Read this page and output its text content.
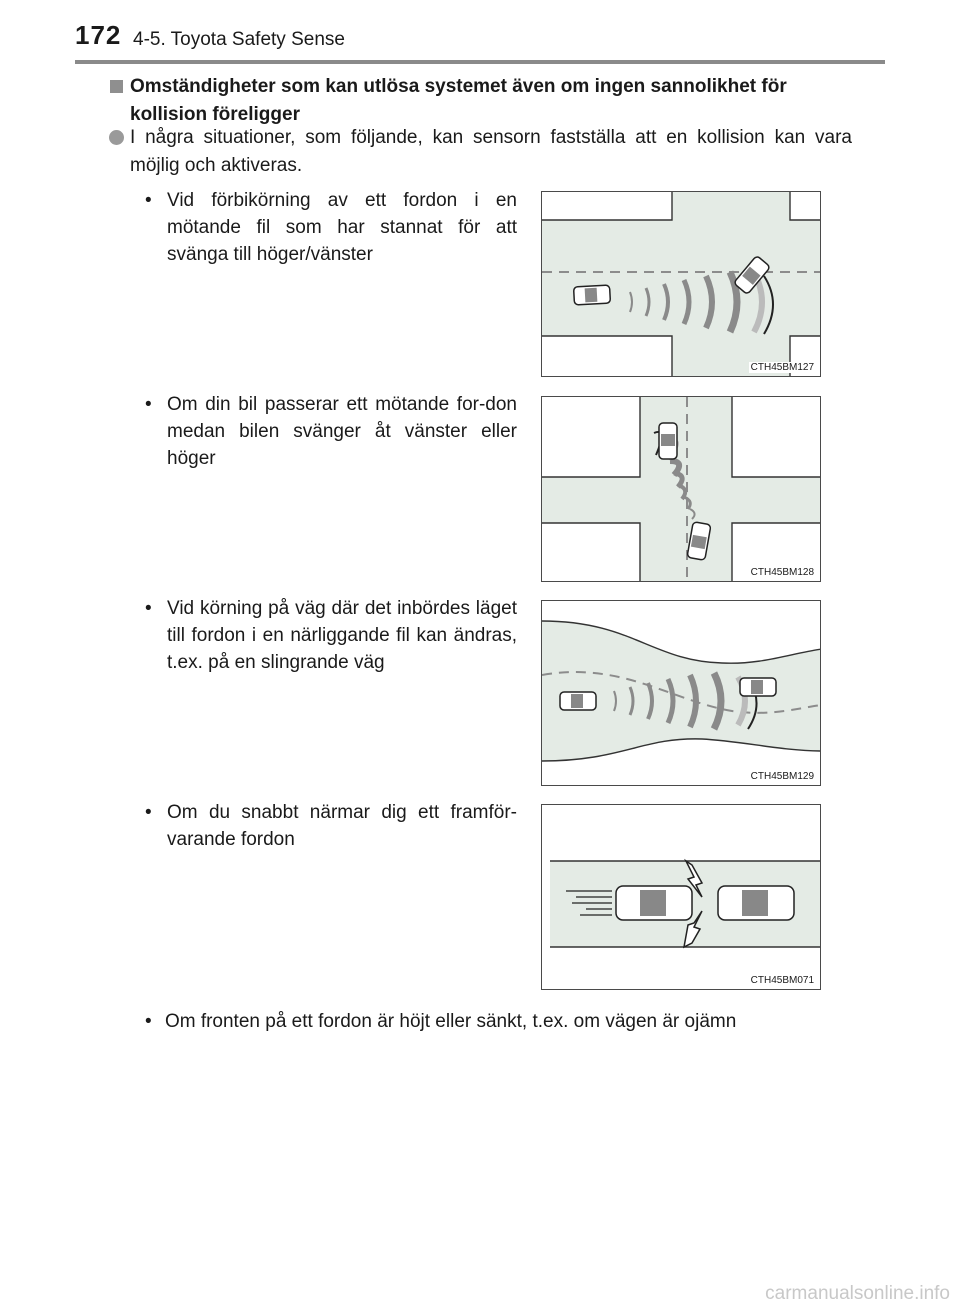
172 4-5. Toyota Safety Sense
Omständigheter som kan utlösa systemet även om ingen sannolikhet för kollision föreligger
I några situationer, som följande, kan sensorn fastställa att en kollision kan vara möjlig och aktiveras.
• Vid förbikörning av ett fordon i en mötande fil som har stannat för att svänga till höger/vänster
CTH45BM127
• Om din bil passerar ett mötande for-don medan bilen svänger åt vänster eller höger
CTH45BM128
• Vid körning på väg där det inbördes läget till fordon i en närliggande fil kan ändras, t.ex. på en slingrande väg
CTH45BM129
• Om du snabbt närmar dig ett framför-varande fordon
CTH45BM071
• Om fronten på ett fordon är höjt eller sänkt, t.ex. om vägen är ojämn
carmanualsonline.info
